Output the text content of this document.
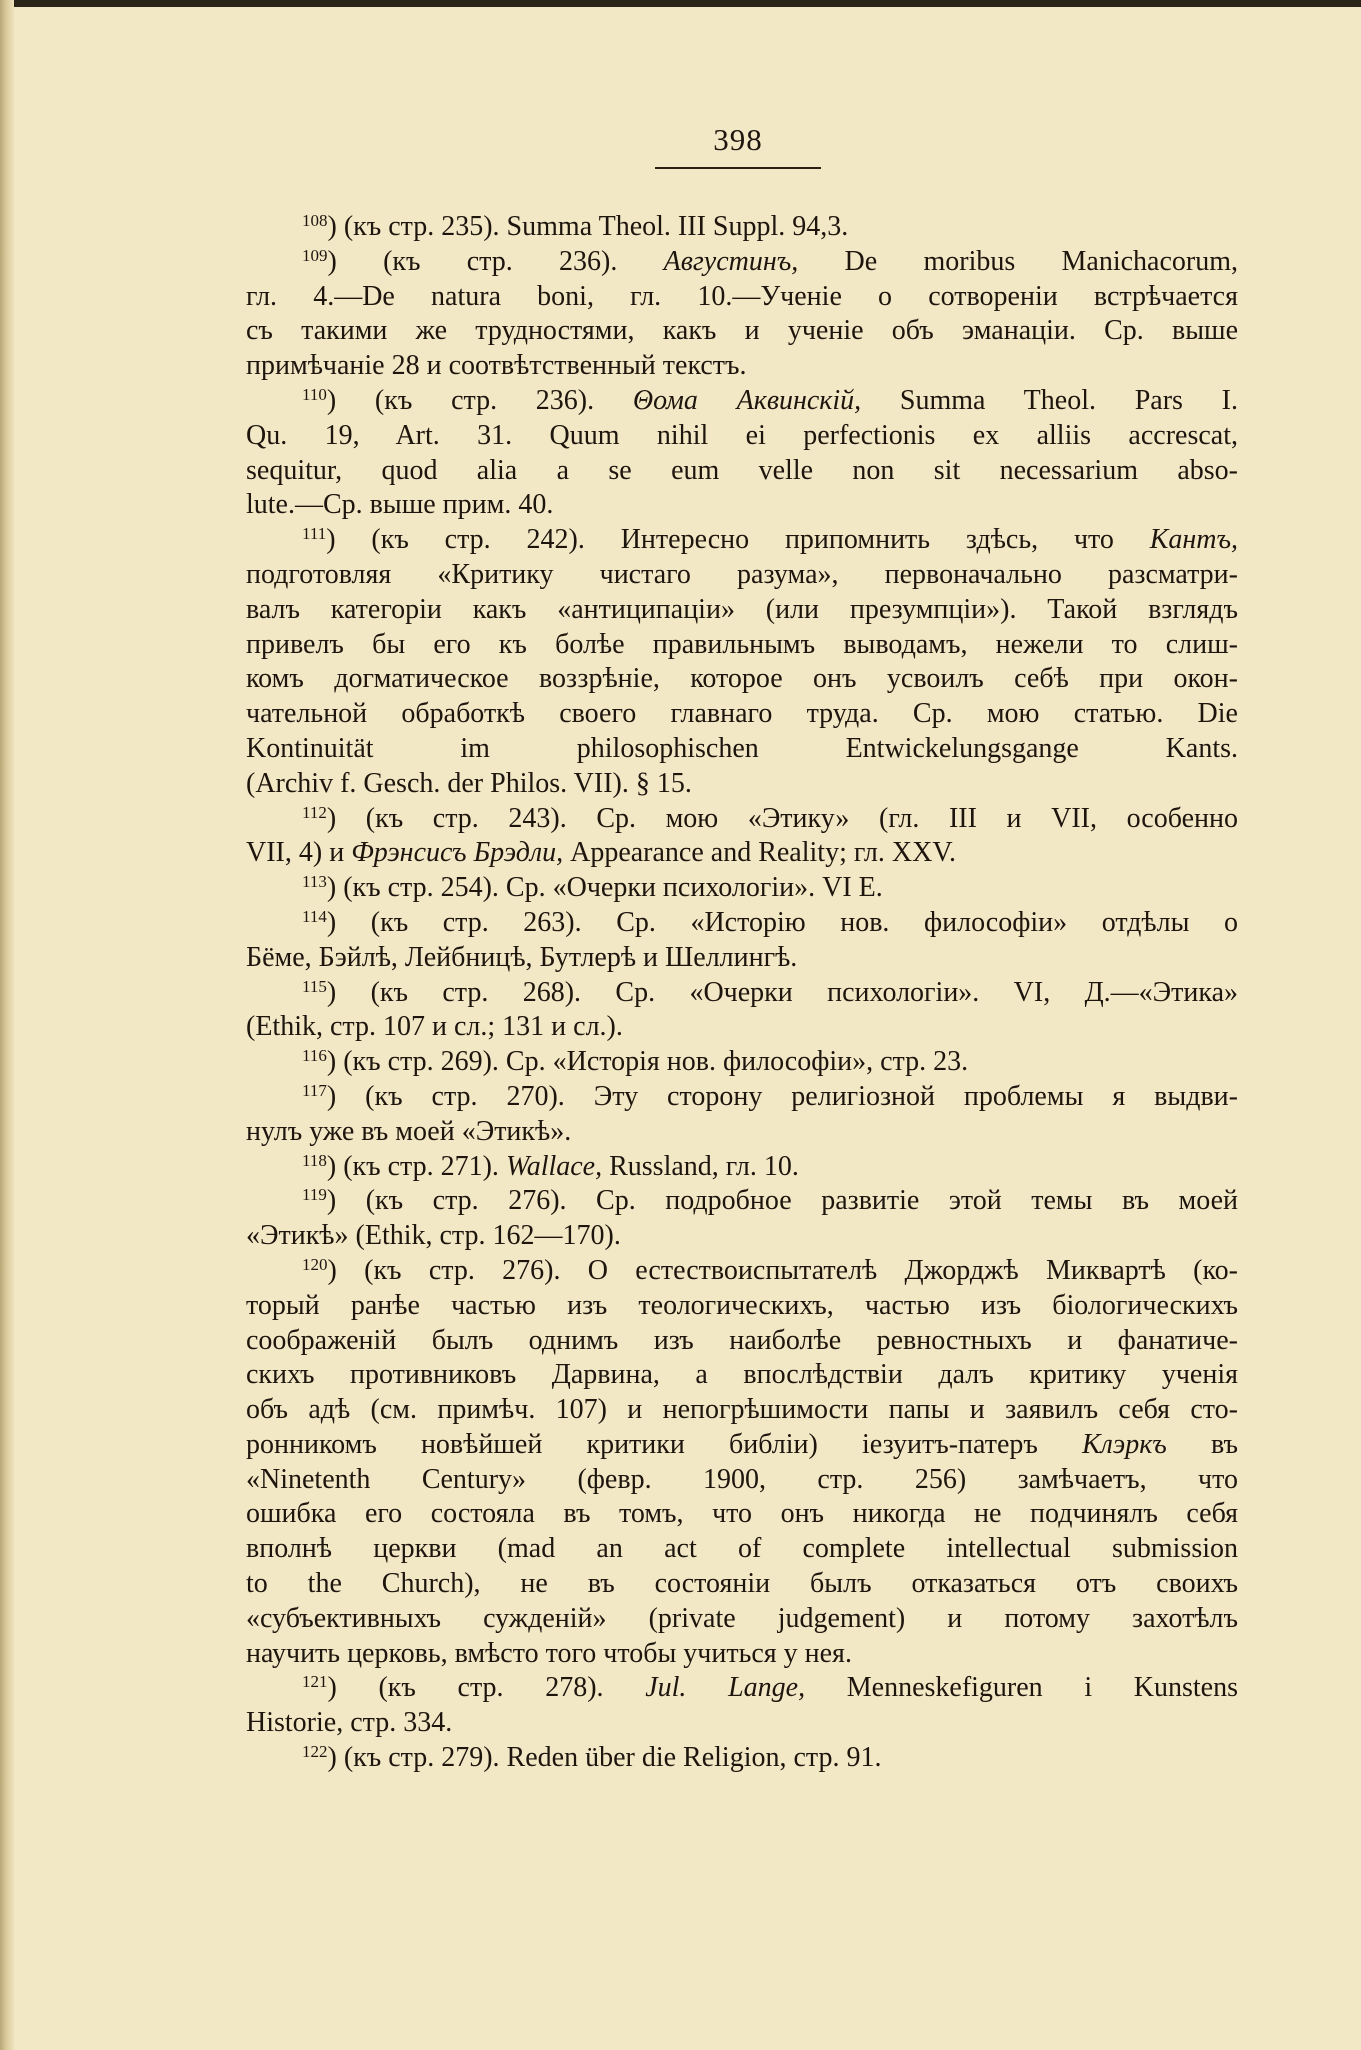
398
$^{108}$) (къ стр. 235). Summa Theol. III Suppl. 94,3.
$^{109}$) (къ стр. 236). Августинъ, De moribus Manichacorum,
гл. 4.—De natura boni, гл. 10.—Ученіе о сотвореніи встрѣчается
съ такими же трудностями, какъ и ученіе объ эманаціи. Ср. выше
примѣчаніе 28 и соотвѣтственный текстъ.
$^{110}$) (къ стр. 236). Θома Аквинскій, Summa Theol. Pars I.
Qu. 19, Art. 31. Quum nihil ei perfectionis ex alliis accrescat,
sequitur, quod alia a se eum velle non sit necessarium abso-
lute.—Ср. выше прим. 40.
$^{111}$) (къ стр. 242). Интересно припомнить здѣсь, что Кантъ,
подготовляя «Критику чистаго разума», первоначально разсматри-
валъ категоріи какъ «антиципаціи» (или презумпціи»). Такой взглядъ
привелъ бы его къ болѣе правильнымъ выводамъ, нежели то слиш-
комъ догматическое воззрѣніе, которое онъ усвоилъ себѣ при окон-
чательной обработкѣ своего главнаго труда. Ср. мою статью. Die
Kontinuität im philosophischen Entwickelungsgange Kants.
(Archiv f. Gesch. der Philos. VII). § 15.
$^{112}$) (къ стр. 243). Ср. мою «Этику» (гл. III и VII, особенно
VII, 4) и Фрэнсисъ Брэдли, Appearance and Reality; гл. XXV.
$^{113}$) (къ стр. 254). Ср. «Очерки психологіи». VI E.
$^{114}$) (къ стр. 263). Ср. «Исторію нов. философіи» отдѣлы о
Бёме, Бэйлѣ, Лейбницѣ, Бутлерѣ и Шеллингѣ.
$^{115}$) (къ стр. 268). Ср. «Очерки психологіи». VI, Д.—«Этика»
(Ethik, стр. 107 и сл.; 131 и сл.).
$^{116}$) (къ стр. 269). Ср. «Исторія нов. философіи», стр. 23.
$^{117}$) (къ стр. 270). Эту сторону религіозной проблемы я выдви-
нулъ уже въ моей «Этикѣ».
$^{118}$) (къ стр. 271). Wallace, Russland, гл. 10.
$^{119}$) (къ стр. 276). Ср. подробное развитіе этой темы въ моей
«Этикѣ» (Ethik, стр. 162—170).
$^{120}$) (къ стр. 276). О естествоиспытателѣ Джорджѣ Миквартѣ (ко-
торый ранѣе частью изъ теологическихъ, частью изъ біологическихъ
соображеній былъ однимъ изъ наиболѣе ревностныхъ и фанатиче-
скихъ противниковъ Дарвина, а впослѣдствіи далъ критику ученія
объ адѣ (см. примѣч. 107) и непогрѣшимости папы и заявилъ себя сто-
ронникомъ новѣйшей критики библіи) іезуитъ-патеръ Клэркъ въ
«Ninetenth Century» (февр. 1900, стр. 256) замѣчаетъ, что
ошибка его состояла въ томъ, что онъ никогда не подчинялъ себя
вполнѣ церкви (mad an act of complete intellectual submission
to the Church), не въ состояніи былъ отказаться отъ своихъ
«субъективныхъ сужденій» (private judgement) и потому захотѣлъ
научить церковь, вмѣсто того чтобы учиться у нея.
$^{121}$) (къ стр. 278). Jul. Lange, Menneskefiguren i Kunstens
Historie, стр. 334.
$^{122}$) (къ стр. 279). Reden über die Religion, стр. 91.
